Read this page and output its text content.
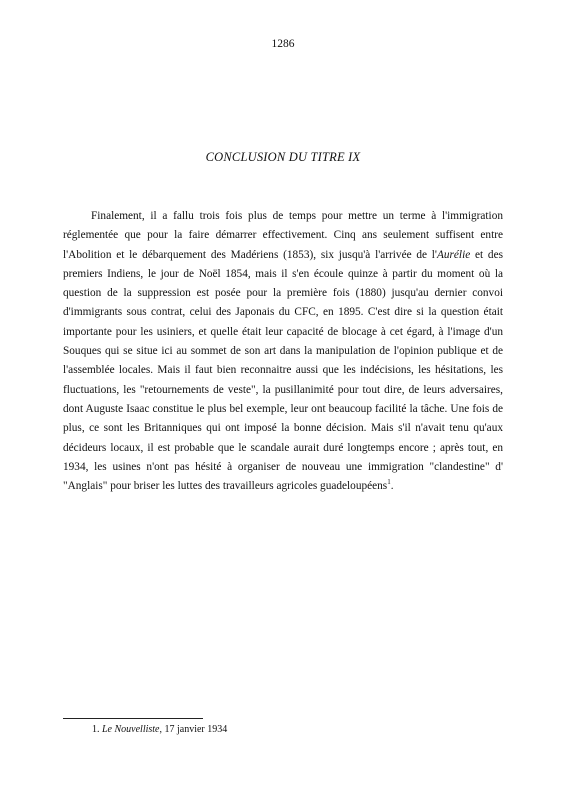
1286
CONCLUSION DU TITRE IX

Finalement, il a fallu trois fois plus de temps pour mettre un terme à l'immigration réglementée que pour la faire démarrer effectivement. Cinq ans seulement suffisent entre l'Abolition et le débarquement des Madériens (1853), six jusqu'à l'arrivée de l'Aurélie et des premiers Indiens, le jour de Noël 1854, mais il s'en écoule quinze à partir du moment où la question de la suppression est posée pour la première fois (1880) jusqu'au dernier convoi d'immigrants sous contrat, celui des Japonais du CFC, en 1895. C'est dire si la question était importante pour les usiniers, et quelle était leur capacité de blocage à cet égard, à l'image d'un Souques qui se situe ici au sommet de son art dans la manipulation de l'opinion publique et de l'assemblée locales. Mais il faut bien reconnaitre aussi que les indécisions, les hésitations, les fluctuations, les "retournements de veste", la pusillanimité pour tout dire, de leurs adversaires, dont Auguste Isaac constitue le plus bel exemple, leur ont beaucoup facilité la tâche. Une fois de plus, ce sont les Britanniques qui ont imposé la bonne décision. Mais s'il n'avait tenu qu'aux décideurs locaux, il est probable que le scandale aurait duré longtemps encore ; après tout, en 1934, les usines n'ont pas hésité à organiser de nouveau une immigration "clandestine" d' "Anglais" pour briser les luttes des travailleurs agricoles guadeloupéens$^1$.

1. Le Nouvelliste, 17 janvier 1934
